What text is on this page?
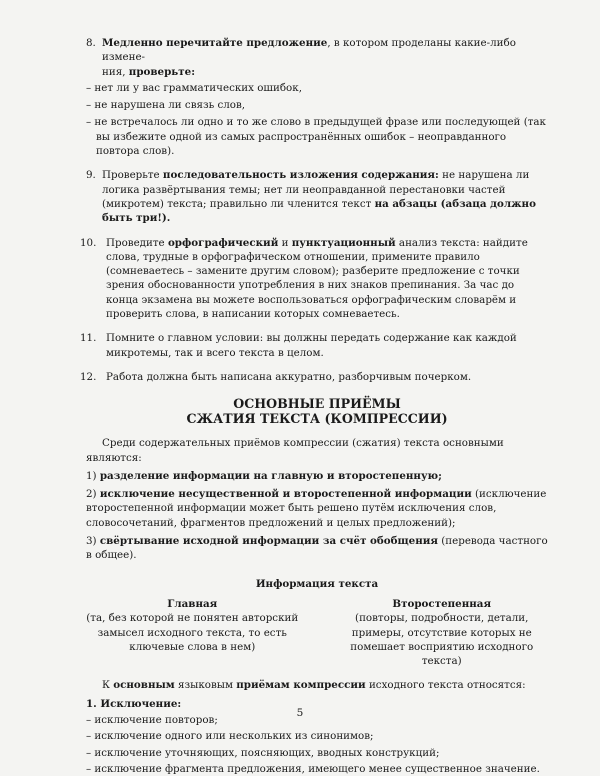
8. Медленно перечитайте предложение, в котором проделаны какие-либо измене-
ния, проверьте:

– нет ли у вас грамматических ошибок,
– не нарушена ли связь слов,
– не встречалось ли одно и то же слово в предыдущей фразе или последующей (так
вы избежите одной из самых распространённых ошибок – неоправданного повтора слов).
9. Проверьте последовательность изложения содержания: не нарушена ли логика развёртывания темы; нет ли неоправданной перестановки частей (микротем) текста; правильно ли членится текст на абзацы (абзаца должно быть три!).

10. Проведите орфографический и пунктуационный анализ текста: найдите слова, трудные в орфографическом отношении, примените правило (сомневаетесь – замените другим словом); разберите предложение с точки зрения обоснованности употребления в них знаков препинания. За час до конца экзамена вы можете воспользоваться орфографическим словарём и проверить слова, в написании которых сомневаетесь.

11. Помните о главном условии: вы должны передать содержание как каждой микротемы, так и всего текста в целом.

12. Работа должна быть написана аккуратно, разборчивым почерком.

ОСНОВНЫЕ ПРИЁМЫ
СЖАТИЯ ТЕКСТА (КОМПРЕССИИ)

Среди содержательных приёмов компрессии (сжатия) текста основными являются:

1) разделение информации на главную и второстепенную;

2) исключение несущественной и второстепенной информации (исключение второстепенной информации может быть решено путём исключения слов, словосочетаний, фрагментов предложений и целых предложений);

3) свёртывание исходной информации за счёт обобщения (перевода частного в общее).

Информация текста
Главная
(та, без которой не понятен авторский замысел исходного текста, то есть ключевые слова в нем)
Второстепенная
(повторы, подробности, детали, примеры, отсутствие которых не помешает восприятию исходного текста)

К основным языковым приёмам компрессии исходного текста относятся:

1. Исключение:
– исключение повторов;
– исключение одного или нескольких из синонимов;
– исключение уточняющих, поясняющих, вводных конструкций;
– исключение фрагмента предложения, имеющего менее существенное значение.
5
